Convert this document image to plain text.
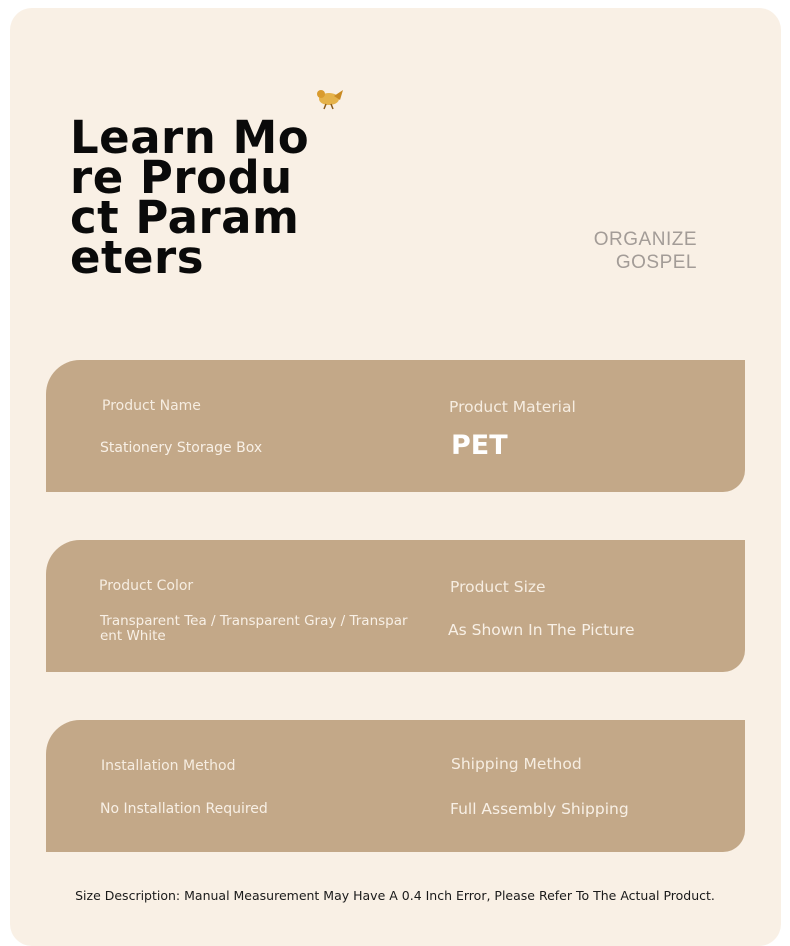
Learn More Product Parameters	ORGANIZE
GOSPEL
Product Name
Stationery Storage Box
Product Material
PET
Product Color
Transparent Tea / Transparent Gray / Transparent White
Product Size
As Shown In The Picture
Installation Method
No Installation Required
Shipping Method
Full Assembly Shipping
Size Description: Manual Measurement May Have A 0.4 Inch Error, Please Refer To The Actual Product.
